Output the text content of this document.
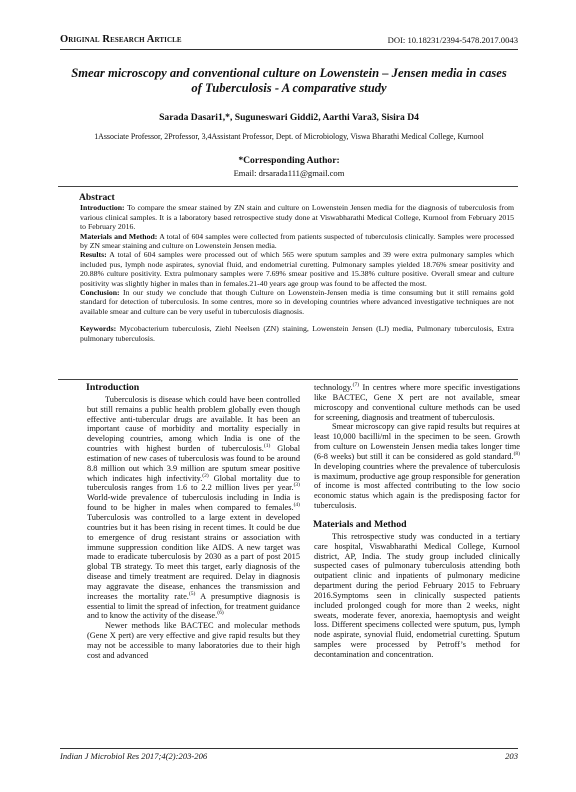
Original Research Article	DOI: 10.18231/2394-5478.2017.0043
Smear microscopy and conventional culture on Lowenstein – Jensen media in cases of Tuberculosis - A comparative study
Sarada Dasari1,*, Suguneswari Giddi2, Aarthi Vara3, Sisira D4
1Associate Professor, 2Professor, 3,4Assistant Professor, Dept. of Microbiology, Viswa Bharathi Medical College, Kurnool
*Corresponding Author:
Email: drsarada111@gmail.com
Abstract

Introduction: To compare the smear stained by ZN stain and culture on Lowenstein Jensen media for the diagnosis of tuberculosis from various clinical samples. It is a laboratory based retrospective study done at Viswabharathi Medical College, Kurnool from February 2015 to February 2016.

Materials and Method: A total of 604 samples were collected from patients suspected of tuberculosis clinically. Samples were processed by ZN smear staining and culture on Lowenstein Jensen media.

Results: A total of 604 samples were processed out of which 565 were sputum samples and 39 were extra pulmonary samples which included pus, lymph node aspirates, synovial fluid, and endometrial curetting. Pulmonary samples yielded 18.76% smear positivity and 20.88% culture positivity. Extra pulmonary samples were 7.69% smear positive and 15.38% culture positive. Overall smear and culture positivity was slightly higher in males than in females.21-40 years age group was found to be affected the most.

Conclusion: In our study we conclude that though Culture on Lowenstein-Jensen media is time consuming but it still remains gold standard for detection of tuberculosis. In some centres, more so in developing countries where advanced investigative techniques are not available smear and culture can be very useful in tuberculosis diagnosis.

Keywords: Mycobacterium tuberculosis, Ziehl Neelsen (ZN) staining, Lowenstein Jensen (LJ) media, Pulmonary tuberculosis, Extra pulmonary tuberculosis.

Introduction

Tuberculosis is disease which could have been controlled but still remains a public health problem globally even though effective anti-tubercular drugs are available. It has been an important cause of morbidity and mortality especially in developing countries, among which India is one of the countries with highest burden of tuberculosis.$^{(1)}$ Global estimation of new cases of tuberculosis was found to be around 8.8 million out which 3.9 million are sputum smear positive which indicates high infectivity.$^{(2)}$ Global mortality due to tuberculosis ranges from 1.6 to 2.2 million lives per year.$^{(3)}$ World-wide prevalence of tuberculosis including in India is found to be higher in males when compared to females.$^{(4)}$ Tuberculosis was controlled to a large extent in developed countries but it has been rising in recent times. It could be due to emergence of drug resistant strains or association with immune suppression condition like AIDS. A new target was made to eradicate tuberculosis by 2030 as a part of post 2015 global TB strategy. To meet this target, early diagnosis of the disease and timely treatment are required. Delay in diagnosis may aggravate the disease, enhances the transmission and increases the mortality rate.$^{(5)}$ A presumptive diagnosis is essential to limit the spread of infection, for treatment guidance and to know the activity of the disease.$^{(6)}$

Newer methods like BACTEC and molecular methods (Gene X pert) are very effective and give rapid results but they may not be accessible to many laboratories due to their high cost and advanced

technology.$^{(7)}$ In centres where more specific investigations like BACTEC, Gene X pert are not available, smear microscopy and conventional culture methods can be used for screening, diagnosis and treatment of tuberculosis.

Smear microscopy can give rapid results but requires at least 10,000 bacilli/ml in the specimen to be seen. Growth from culture on Lowenstein Jensen media takes longer time (6-8 weeks) but still it can be considered as gold standard.$^{(8)}$ In developing countries where the prevalence of tuberculosis is maximum, productive age group responsible for generation of income is most affected contributing to the low socio economic status which again is the predisposing factor for tuberculosis.

Materials and Method

This retrospective study was conducted in a tertiary care hospital, Viswabharathi Medical College, Kurnool district, AP, India. The study group included clinically suspected cases of pulmonary tuberculosis attending both outpatient clinic and inpatients of pulmonary medicine department during the period February 2015 to February 2016.Symptoms seen in clinically suspected patients included prolonged cough for more than 2 weeks, night sweats, moderate fever, anorexia, haemoptysis and weight loss. Different specimens collected were sputum, pus, lymph node aspirate, synovial fluid, endometrial curetting. Sputum samples were processed by Petroff’s method for decontamination and concentration.

Indian J Microbiol Res 2017;4(2):203-206	203
